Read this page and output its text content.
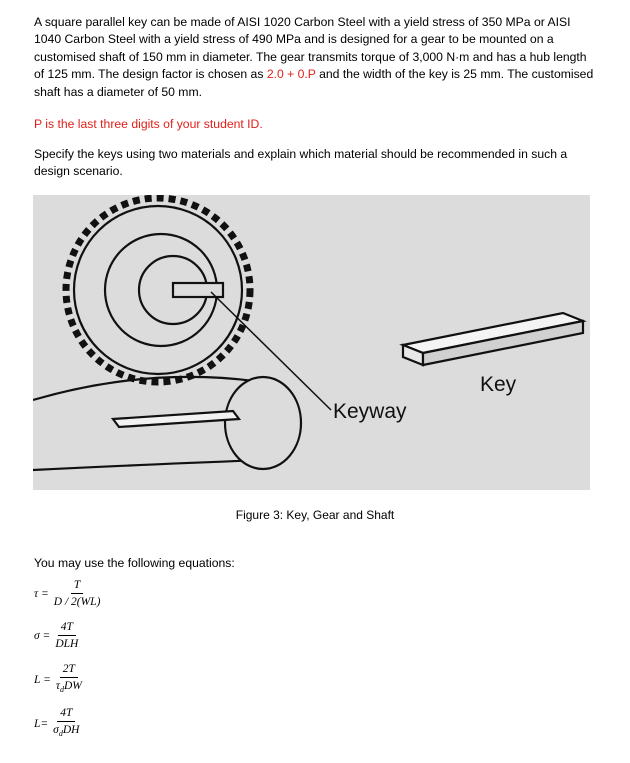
A square parallel key can be made of AISI 1020 Carbon Steel with a yield stress of 350 MPa or AISI 1040 Carbon Steel with a yield stress of 490 MPa and is designed for a gear to be mounted on a customised shaft of 150 mm in diameter. The gear transmits torque of 3,000 N·m and has a hub length of 125 mm. The design factor is chosen as 2.0 + 0.P and the width of the key is 25 mm. The customised shaft has a diameter of 50 mm.

P is the last three digits of your student ID.

Specify the keys using two materials and explain which material should be recommended in such a design scenario.

Key
Keyway
Figure 3: Key, Gear and Shaft
You may use the following equations:
$\tau = \frac{T}{D / 2(WL)}$
$\sigma = \frac{4T}{\text{DLH}}$
$L = \frac{2T}{\tau_dDW}$
$L= \frac{4T}{\sigma_dDH}$
